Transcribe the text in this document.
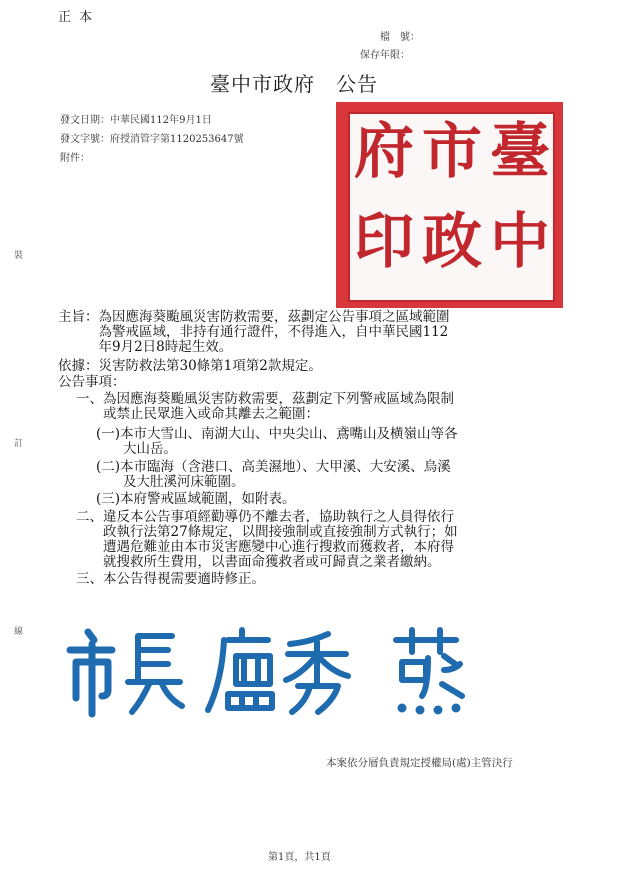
正 本
檔　號：
保存年限：
臺中市政府　公告
發文日期：中華民國112年9月1日
發文字號：府授消管字第1120253647號
附件：
裝
訂
線
臺
中
市
政
府
印
主旨：為因應海葵颱風災害防救需要，茲劃定公告事項之區域範圍
　　　為警戒區域，非持有通行證件，不得進入，自中華民國112
　　　年9月2日8時起生效。
依據：災害防救法第30條第1項第2款規定。
公告事項：
一、為因應海葵颱風災害防救需要，茲劃定下列警戒區域為限制
　　或禁止民眾進入或命其離去之範圍：
(一)本市大雪山、南湖大山、中央尖山、鳶嘴山及横嶺山等各
　　大山岳。
(二)本市臨海（含港口、高美濕地）、大甲溪、大安溪、烏溪
　　及大肚溪河床範圍。
(三)本府警戒區域範圍，如附表。
二、違反本公告事項經勸導仍不離去者，協助執行之人員得依行
　　政執行法第27條規定，以間接強制或直接強制方式執行；如
　　遭遇危難並由本市災害應變中心進行搜救而獲救者，本府得
　　就搜救所生費用，以書面命獲救者或可歸責之業者繳納。
三、本公告得視需要適時修正。
本案依分層負責規定授權局(處)主管決行
第1頁，共1頁
